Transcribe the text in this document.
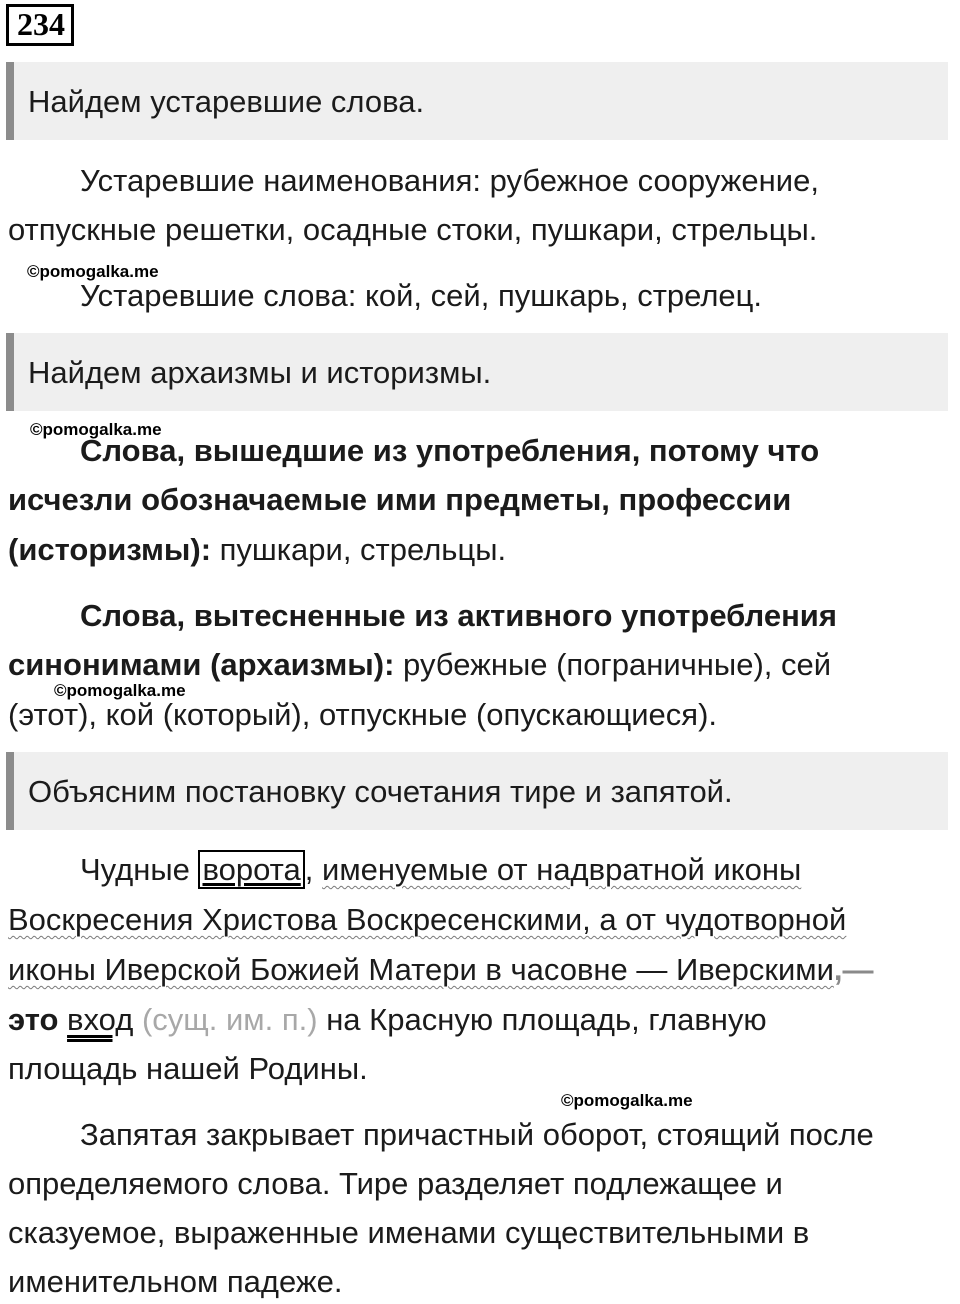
234
Найдем устаревшие слова.
Устаревшие наименования: рубежное сооружение,
отпускные решетки, осадные стоки, пушкари, стрельцы.
©pomogalka.me
Устаревшие слова: кой, сей, пушкарь, стрелец.
Найдем архаизмы и историзмы.
©pomogalka.me
Слова, вышедшие из употребления, потому что
исчезли обозначаемые ими предметы, профессии
(историзмы): пушкари, стрельцы.
Слова, вытесненные из активного употребления
синонимами (архаизмы): рубежные (пограничные), сей
©pomogalka.me
(этот), кой (который), отпускные (опускающиеся).
Объясним постановку сочетания тире и запятой.
Чудные ворота , именуемые от надвратной иконы
Воскресения Христова Воскресенскими, а от чудотворной
иконы Иверской Божией Матери в часовне — Иверскими,—
это вход (сущ. им. п.) на Красную площадь, главную
площадь нашей Родины.
©pomogalka.me
Запятая закрывает причастный оборот, стоящий после
определяемого слова. Тире разделяет подлежащее и
сказуемое, выраженные именами существительными в
именительном падеже.
